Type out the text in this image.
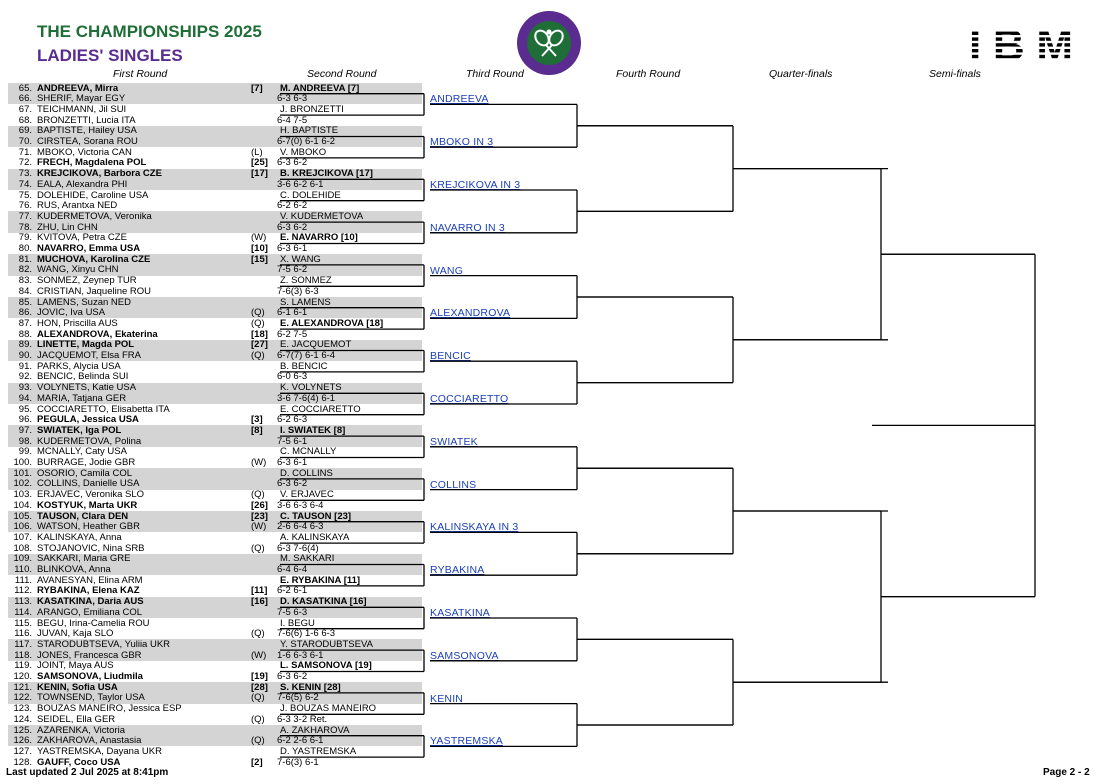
THE CHAMPIONSHIPS 2025
LADIES' SINGLES
First Round	Second Round	Third Round	Fourth Round	Quarter-finals	Semi-finals
65. ANDREEVA, Mirra	[7]
66. SHERIF, Mayar EGY
67. TEICHMANN, Jil SUI
68. BRONZETTI, Lucia ITA
69. BAPTISTE, Hailey USA
70. CIRSTEA, Sorana ROU
71. MBOKO, Victoria CAN	(L)
72. FRECH, Magdalena POL	[25]
73. KREJCIKOVA, Barbora CZE	[17]
74. EALA, Alexandra PHI
75. DOLEHIDE, Caroline USA
76. RUS, Arantxa NED
77. KUDERMETOVA, Veronika
78. ZHU, Lin CHN
79. KVITOVA, Petra CZE	(W)
80. NAVARRO, Emma USA	[10]
81. MUCHOVA, Karolina CZE	[15]
82. WANG, Xinyu CHN
83. SONMEZ, Zeynep TUR
84. CRISTIAN, Jaqueline ROU
85. LAMENS, Suzan NED
86. JOVIC, Iva USA	(Q)
87. HON, Priscilla AUS	(Q)
88. ALEXANDROVA, Ekaterina	[18]
89. LINETTE, Magda POL	[27]
90. JACQUEMOT, Elsa FRA	(Q)
91. PARKS, Alycia USA
92. BENCIC, Belinda SUI
93. VOLYNETS, Katie USA
94. MARIA, Tatjana GER
95. COCCIARETTO, Elisabetta ITA
96. PEGULA, Jessica USA	[3]
97. SWIATEK, Iga POL	[8]
98. KUDERMETOVA, Polina
99. MCNALLY, Caty USA
100. BURRAGE, Jodie GBR	(W)
101. OSORIO, Camila COL
102. COLLINS, Danielle USA
103. ERJAVEC, Veronika SLO	(Q)
104. KOSTYUK, Marta UKR	[26]
105. TAUSON, Clara DEN	[23]
106. WATSON, Heather GBR	(W)
107. KALINSKAYA, Anna
108. STOJANOVIC, Nina SRB	(Q)
109. SAKKARI, Maria GRE
110. BLINKOVA, Anna
111. AVANESYAN, Elina ARM
112. RYBAKINA, Elena KAZ	[11]
113. KASATKINA, Daria AUS	[16]
114. ARANGO, Emiliana COL
115. BEGU, Irina-Camelia ROU
116. JUVAN, Kaja SLO	(Q)
117. STARODUBTSEVA, Yuliia UKR
118. JONES, Francesca GBR	(W)
119. JOINT, Maya AUS
120. SAMSONOVA, Liudmila	[19]
121. KENIN, Sofia USA	[28]
122. TOWNSEND, Taylor USA	(Q)
123. BOUZAS MANEIRO, Jessica ESP
124. SEIDEL, Ella GER	(Q)
125. AZARENKA, Victoria
126. ZAKHAROVA, Anastasia	(Q)
127. YASTREMSKA, Dayana UKR
128. GAUFF, Coco USA	[2]
M. ANDREEVA [7]
6-3 6-3
J. BRONZETTI
6-4 7-5
H. BAPTISTE
6-7(0) 6-1 6-2
V. MBOKO
6-3 6-2
B. KREJCIKOVA [17]
3-6 6-2 6-1
C. DOLEHIDE
6-2 6-2
V. KUDERMETOVA
6-3 6-2
E. NAVARRO [10]
6-3 6-1
X. WANG
7-5 6-2
Z. SONMEZ
7-6(3) 6-3
S. LAMENS
6-1 6-1
E. ALEXANDROVA [18]
6-2 7-5
E. JACQUEMOT
6-7(7) 6-1 6-4
B. BENCIC
6-0 6-3
K. VOLYNETS
3-6 7-6(4) 6-1
E. COCCIARETTO
6-2 6-3
I. SWIATEK [8]
7-5 6-1
C. MCNALLY
6-3 6-1
D. COLLINS
6-3 6-2
V. ERJAVEC
3-6 6-3 6-4
C. TAUSON [23]
2-6 6-4 6-3
A. KALINSKAYA
6-3 7-6(4)
M. SAKKARI
6-4 6-4
E. RYBAKINA [11]
6-2 6-1
D. KASATKINA [16]
7-5 6-3
I. BEGU
7-6(6) 1-6 6-3
Y. STARODUBTSEVA
1-6 6-3 6-1
L. SAMSONOVA [19]
6-3 6-2
S. KENIN [28]
7-6(5) 6-2
J. BOUZAS MANEIRO
6-3 3-2 Ret.
A. ZAKHAROVA
6-2 2-6 6-1
D. YASTREMSKA
7-6(3) 6-1
ANDREEVA
MBOKO IN 3
KREJCIKOVA IN 3
NAVARRO IN 3
WANG
ALEXANDROVA
BENCIC
COCCIARETTO
SWIATEK
COLLINS
KALINSKAYA IN 3
RYBAKINA
KASATKINA
SAMSONOVA
KENIN
YASTREMSKA
Last updated 2 Jul 2025 at 8:41pm	Page 2 - 2
